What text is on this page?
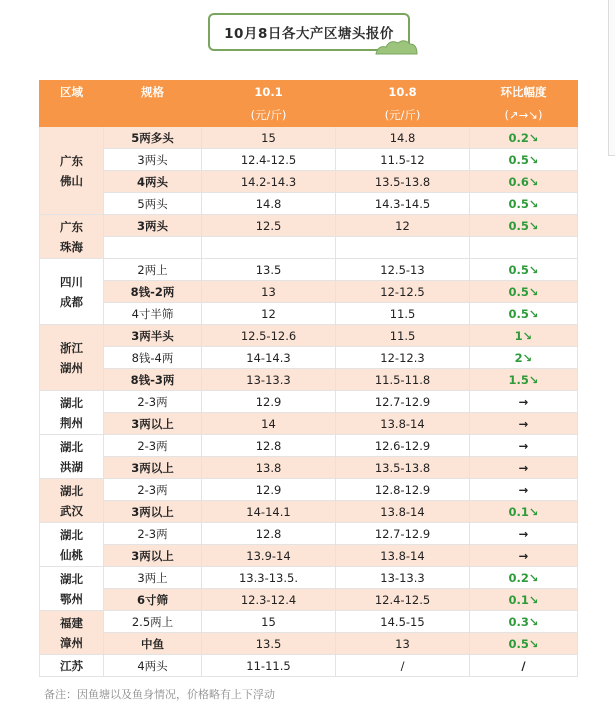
10月8日各大产区塘头报价
区域	规格	10.1	10.8	环比幅度
		(元/斤)	(元/斤)	(↗→↘)

广东
佛山	5两多头	15	14.8	0.2↘
	3两头	12.4-12.5	11.5-12	0.5↘
	4两头	14.2-14.3	13.5-13.8	0.6↘
	5两头	14.8	14.3-14.5	0.5↘

广东
珠海	3两头	12.5	12	0.5↘

四川
成都	2两上	13.5	12.5-13	0.5↘
	8钱-2两	13	12-12.5	0.5↘
	4寸半筛	12	11.5	0.5↘

浙江
湖州	3两半头	12.5-12.6	11.5	1↘
	8钱-4两	14-14.3	12-12.3	2↘
	8钱-3两	13-13.3	11.5-11.8	1.5↘

湖北
荆州	2-3两	12.9	12.7-12.9	→
	3两以上	14	13.8-14	→

湖北
洪湖	2-3两	12.8	12.6-12.9	→
	3两以上	13.8	13.5-13.8	→

湖北
武汉	2-3两	12.9	12.8-12.9	→
	3两以上	14-14.1	13.8-14	0.1↘

湖北
仙桃	2-3两	12.8	12.7-12.9	→
	3两以上	13.9-14	13.8-14	→

湖北
鄂州	3两上	13.3-13.5.	13-13.3	0.2↘
	6寸筛	12.3-12.4	12.4-12.5	0.1↘

福建
漳州	2.5两上	15	14.5-15	0.3↘
	中鱼	13.5	13	0.5↘

江苏	4两头	11-11.5	/	/
备注：因鱼塘以及鱼身情况，价格略有上下浮动
